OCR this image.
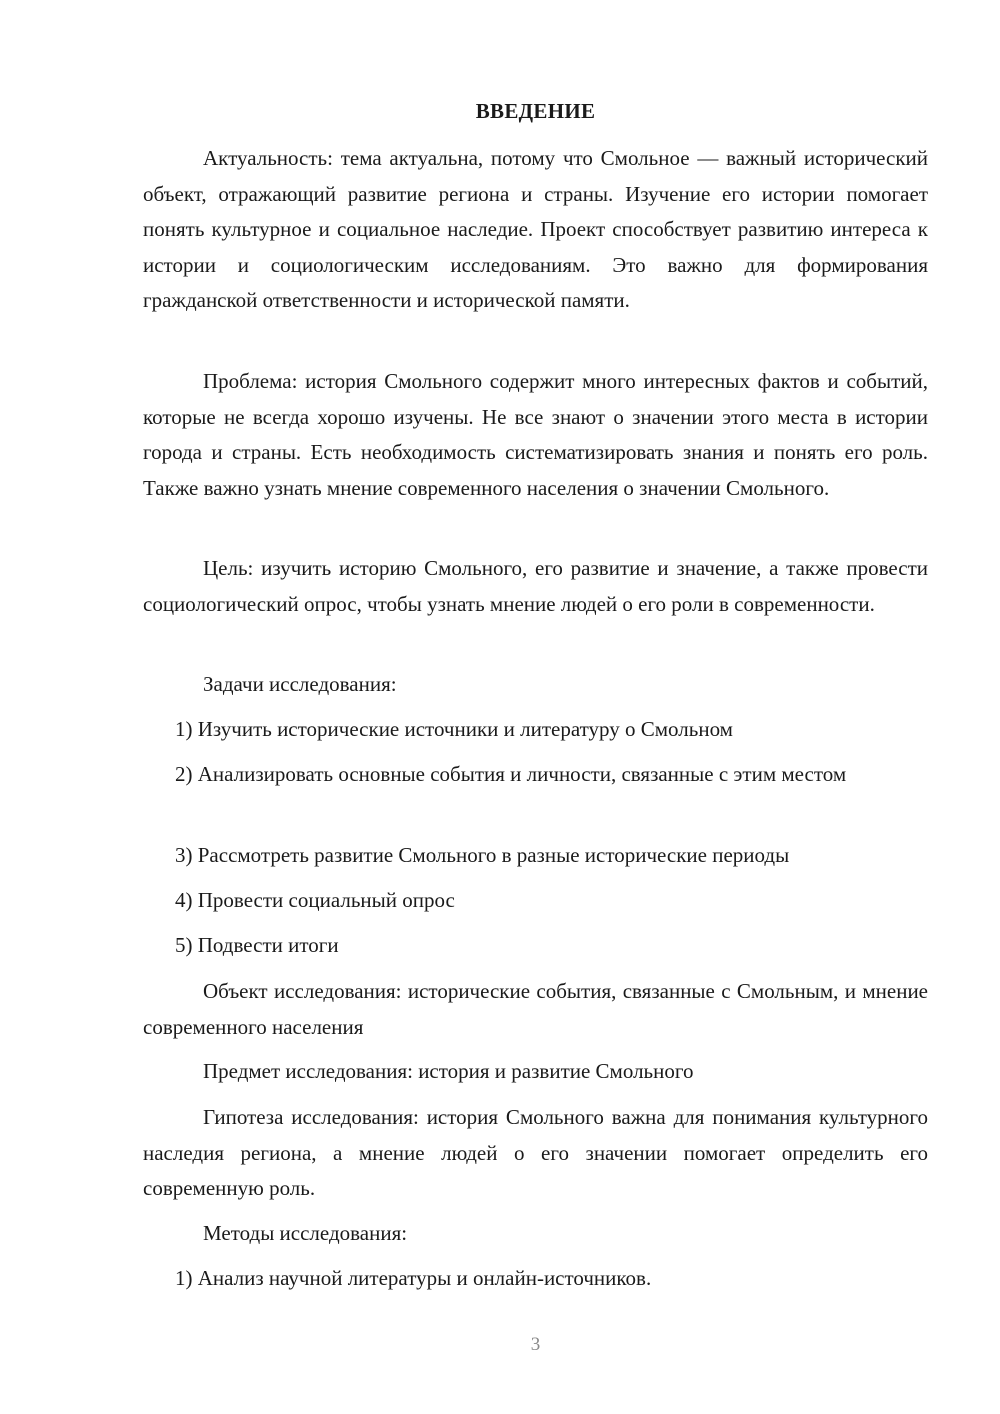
ВВЕДЕНИЕ

Актуальность: тема актуальна, потому что Смольное — важный исторический объект, отражающий развитие региона и страны. Изучение его истории помогает понять культурное и социальное наследие. Проект способствует развитию интереса к истории и социологическим исследованиям. Это важно для формирования гражданской ответственности и исторической памяти.

Проблема: история Смольного содержит много интересных фактов и событий, которые не всегда хорошо изучены. Не все знают о значении этого места в истории города и страны. Есть необходимость систематизировать знания и понять его роль. Также важно узнать мнение современного населения о значении Смольного.

Цель: изучить историю Смольного, его развитие и значение, а также провести социологический опрос, чтобы узнать мнение людей о его роли в современности.

Задачи исследования:

1) Изучить исторические источники и литературу о Смольном

2) Анализировать основные события и личности, связанные с этим местом

3) Рассмотреть развитие Смольного в разные исторические периоды

4) Провести социальный опрос

5) Подвести итоги

Объект исследования: исторические события, связанные с Смольным, и мнение современного населения

Предмет исследования: история и развитие Смольного

Гипотеза исследования: история Смольного важна для понимания культурного наследия региона, а мнение людей о его значении помогает определить его современную роль.

Методы исследования:

1) Анализ научной литературы и онлайн-источников.

3
